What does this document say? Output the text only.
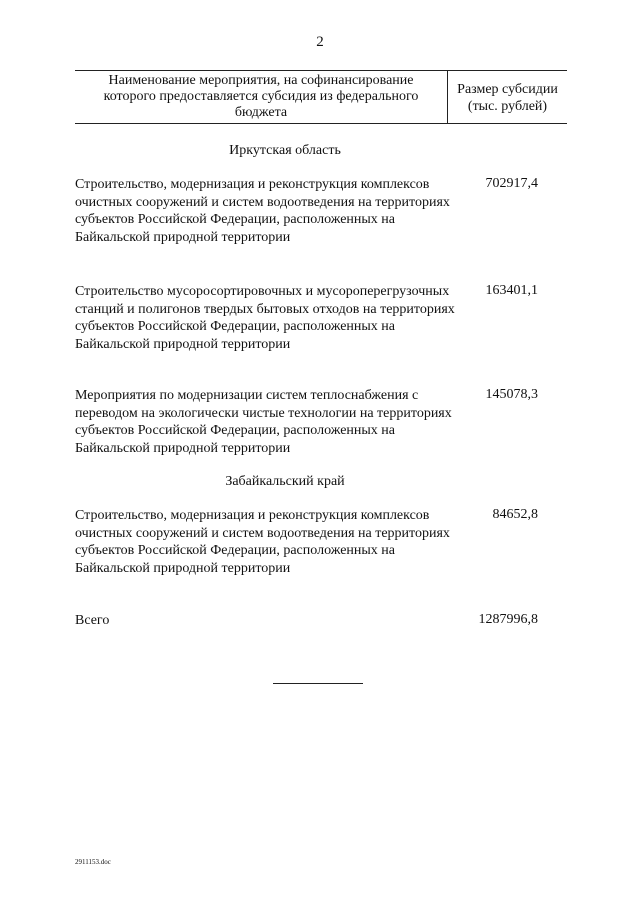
2
Наименование мероприятия, на софинансирование которого предоставляется субсидия из федерального бюджета
Размер субсидии
(тыс. рублей)
Иркутская область
Строительство, модернизация и реконструкция комплексов очистных сооружений и систем водоотведения на территориях субъектов Российской Федерации, расположенных на Байкальской природной территории
702917,4
Строительство мусоросортировочных и мусороперегрузочных станций и полигонов твердых бытовых отходов на территориях субъектов Российской Федерации, расположенных на Байкальской природной территории
163401,1
Мероприятия по модернизации систем теплоснабжения с переводом на экологически чистые технологии на территориях субъектов Российской Федерации, расположенных на Байкальской природной территории
145078,3
Забайкальский край
Строительство, модернизация и реконструкция комплексов очистных сооружений и систем водоотведения на территориях субъектов Российской Федерации, расположенных на Байкальской природной территории
84652,8
Всего	1287996,8
2911153.doc
